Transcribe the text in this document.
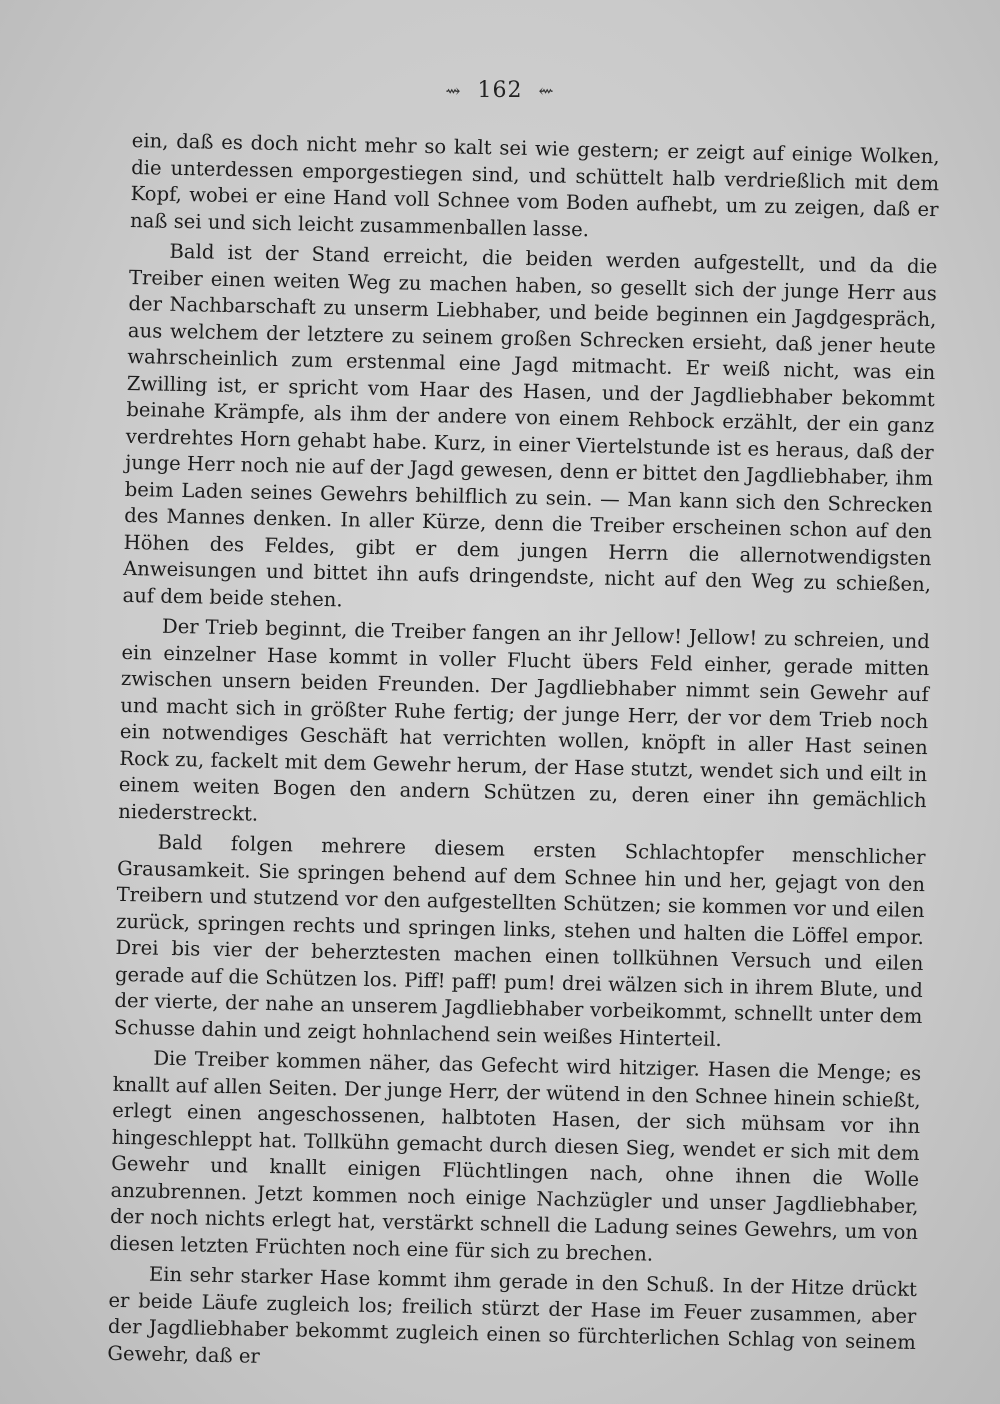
⇝ 162 ⇜

ein, daß es doch nicht mehr so kalt sei wie gestern; er zeigt auf einige Wolken, die unterdessen emporgestiegen sind, und schüttelt halb verdrießlich mit dem Kopf, wobei er eine Hand voll Schnee vom Boden aufhebt, um zu zeigen, daß er naß sei und sich leicht zusammenballen lasse.

Bald ist der Stand erreicht, die beiden werden aufgestellt, und da die Treiber einen weiten Weg zu machen haben, so gesellt sich der junge Herr aus der Nachbarschaft zu unserm Liebhaber, und beide beginnen ein Jagdgespräch, aus welchem der letztere zu seinem großen Schrecken ersieht, daß jener heute wahrscheinlich zum erstenmal eine Jagd mitmacht. Er weiß nicht, was ein Zwilling ist, er spricht vom Haar des Hasen, und der Jagdliebhaber bekommt beinahe Krämpfe, als ihm der andere von einem Rehbock erzählt, der ein ganz verdrehtes Horn gehabt habe. Kurz, in einer Viertelstunde ist es heraus, daß der junge Herr noch nie auf der Jagd gewesen, denn er bittet den Jagdliebhaber, ihm beim Laden seines Gewehrs behilflich zu sein. — Man kann sich den Schrecken des Mannes denken. In aller Kürze, denn die Treiber erscheinen schon auf den Höhen des Feldes, gibt er dem jungen Herrn die allernotwendigsten Anweisungen und bittet ihn aufs dringendste, nicht auf den Weg zu schießen, auf dem beide stehen.

Der Trieb beginnt, die Treiber fangen an ihr Jellow! Jellow! zu schreien, und ein einzelner Hase kommt in voller Flucht übers Feld einher, gerade mitten zwischen unsern beiden Freunden. Der Jagdliebhaber nimmt sein Gewehr auf und macht sich in größter Ruhe fertig; der junge Herr, der vor dem Trieb noch ein notwendiges Geschäft hat verrichten wollen, knöpft in aller Hast seinen Rock zu, fackelt mit dem Gewehr herum, der Hase stutzt, wendet sich und eilt in einem weiten Bogen den andern Schützen zu, deren einer ihn gemächlich niederstreckt.

Bald folgen mehrere diesem ersten Schlachtopfer menschlicher Grausamkeit. Sie springen behend auf dem Schnee hin und her, gejagt von den Treibern und stutzend vor den aufgestellten Schützen; sie kommen vor und eilen zurück, springen rechts und springen links, stehen und halten die Löffel empor. Drei bis vier der beherztesten machen einen tollkühnen Versuch und eilen gerade auf die Schützen los. Piff! paff! pum! drei wälzen sich in ihrem Blute, und der vierte, der nahe an unserem Jagdliebhaber vorbeikommt, schnellt unter dem Schusse dahin und zeigt hohnlachend sein weißes Hinterteil.

Die Treiber kommen näher, das Gefecht wird hitziger. Hasen die Menge; es knallt auf allen Seiten. Der junge Herr, der wütend in den Schnee hinein schießt, erlegt einen angeschossenen, halbtoten Hasen, der sich mühsam vor ihn hingeschleppt hat. Tollkühn gemacht durch diesen Sieg, wendet er sich mit dem Gewehr und knallt einigen Flüchtlingen nach, ohne ihnen die Wolle anzubrennen. Jetzt kommen noch einige Nachzügler und unser Jagdliebhaber, der noch nichts erlegt hat, verstärkt schnell die Ladung seines Gewehrs, um von diesen letzten Früchten noch eine für sich zu brechen.

Ein sehr starker Hase kommt ihm gerade in den Schuß. In der Hitze drückt er beide Läufe zugleich los; freilich stürzt der Hase im Feuer zusammen, aber der Jagdliebhaber bekommt zugleich einen so fürchterlichen Schlag von seinem Gewehr, daß er
